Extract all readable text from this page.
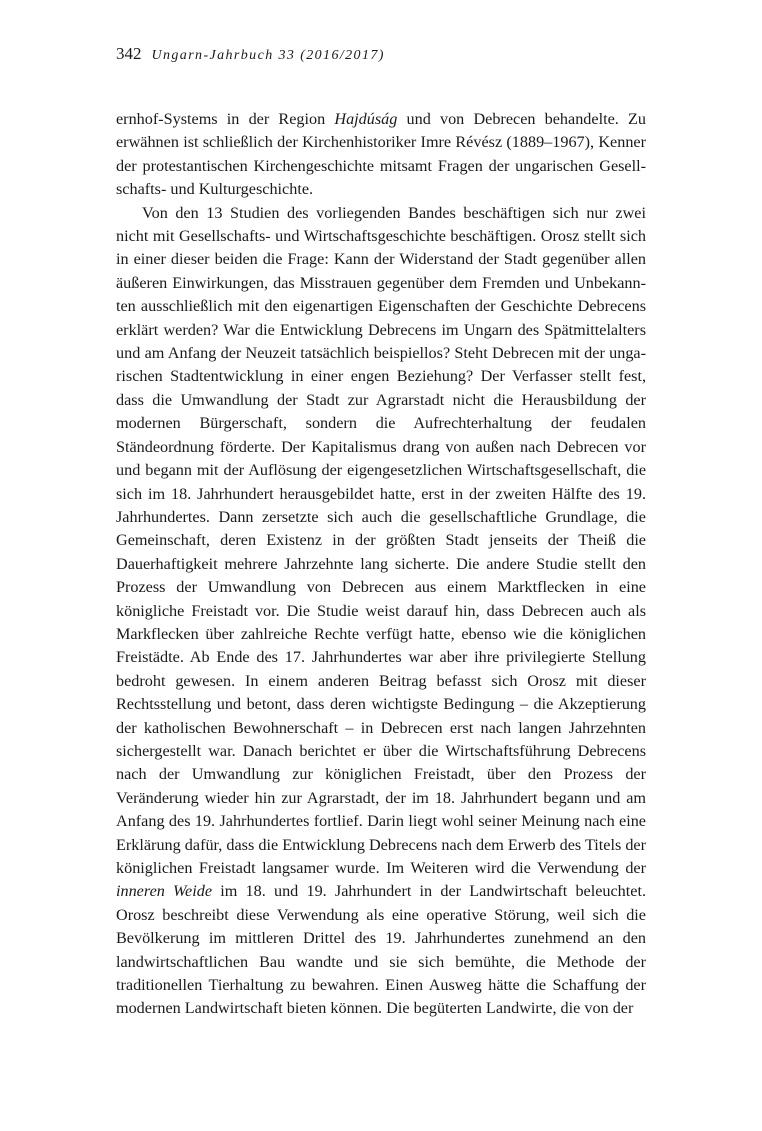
342 Ungarn-Jahrbuch 33 (2016/2017)

ernhof-Systems in der Region Hajdúság und von Debrecen behandelte. Zu erwähnen ist schließlich der Kirchenhistoriker Imre Révész (1889–1967), Kenner der protestantischen Kirchengeschichte mitsamt Fragen der ungarischen Gesellschafts- und Kulturgeschichte.

Von den 13 Studien des vorliegenden Bandes beschäftigen sich nur zwei nicht mit Gesellschafts- und Wirtschaftsgeschichte beschäftigen. Orosz stellt sich in einer dieser beiden die Frage: Kann der Widerstand der Stadt gegenüber allen äußeren Einwirkungen, das Misstrauen gegenüber dem Fremden und Unbekannten ausschließlich mit den eigenartigen Eigenschaften der Geschichte Debrecens erklärt werden? War die Entwicklung Debrecens im Ungarn des Spätmittelalters und am Anfang der Neuzeit tatsächlich beispiellos? Steht Debrecen mit der ungarischen Stadtentwicklung in einer engen Beziehung? Der Verfasser stellt fest, dass die Umwandlung der Stadt zur Agrarstadt nicht die Herausbildung der modernen Bürgerschaft, sondern die Aufrechterhaltung der feudalen Ständeordnung förderte. Der Kapitalismus drang von außen nach Debrecen vor und begann mit der Auflösung der eigengesetzlichen Wirtschaftsgesellschaft, die sich im 18. Jahrhundert herausgebildet hatte, erst in der zweiten Hälfte des 19. Jahrhundertes. Dann zersetzte sich auch die gesellschaftliche Grundlage, die Gemeinschaft, deren Existenz in der größten Stadt jenseits der Theiß die Dauerhaftigkeit mehrere Jahrzehnte lang sicherte. Die andere Studie stellt den Prozess der Umwandlung von Debrecen aus einem Marktflecken in eine königliche Freistadt vor. Die Studie weist darauf hin, dass Debrecen auch als Markflecken über zahlreiche Rechte verfügt hatte, ebenso wie die königlichen Freistädte. Ab Ende des 17. Jahrhundertes war aber ihre privilegierte Stellung bedroht gewesen. In einem anderen Beitrag befasst sich Orosz mit dieser Rechtsstellung und betont, dass deren wichtigste Bedingung – die Akzeptierung der katholischen Bewohnerschaft – in Debrecen erst nach langen Jahrzehnten sichergestellt war. Danach berichtet er über die Wirtschaftsführung Debrecens nach der Umwandlung zur königlichen Freistadt, über den Prozess der Veränderung wieder hin zur Agrarstadt, der im 18. Jahrhundert begann und am Anfang des 19. Jahrhundertes fortlief. Darin liegt wohl seiner Meinung nach eine Erklärung dafür, dass die Entwicklung Debrecens nach dem Erwerb des Titels der königlichen Freistadt langsamer wurde. Im Weiteren wird die Verwendung der inneren Weide im 18. und 19. Jahrhundert in der Landwirtschaft beleuchtet. Orosz beschreibt diese Verwendung als eine operative Störung, weil sich die Bevölkerung im mittleren Drittel des 19. Jahrhundertes zunehmend an den landwirtschaftlichen Bau wandte und sie sich bemühte, die Methode der traditionellen Tierhaltung zu bewahren. Einen Ausweg hätte die Schaffung der modernen Landwirtschaft bieten können. Die begüterten Landwirte, die von der
